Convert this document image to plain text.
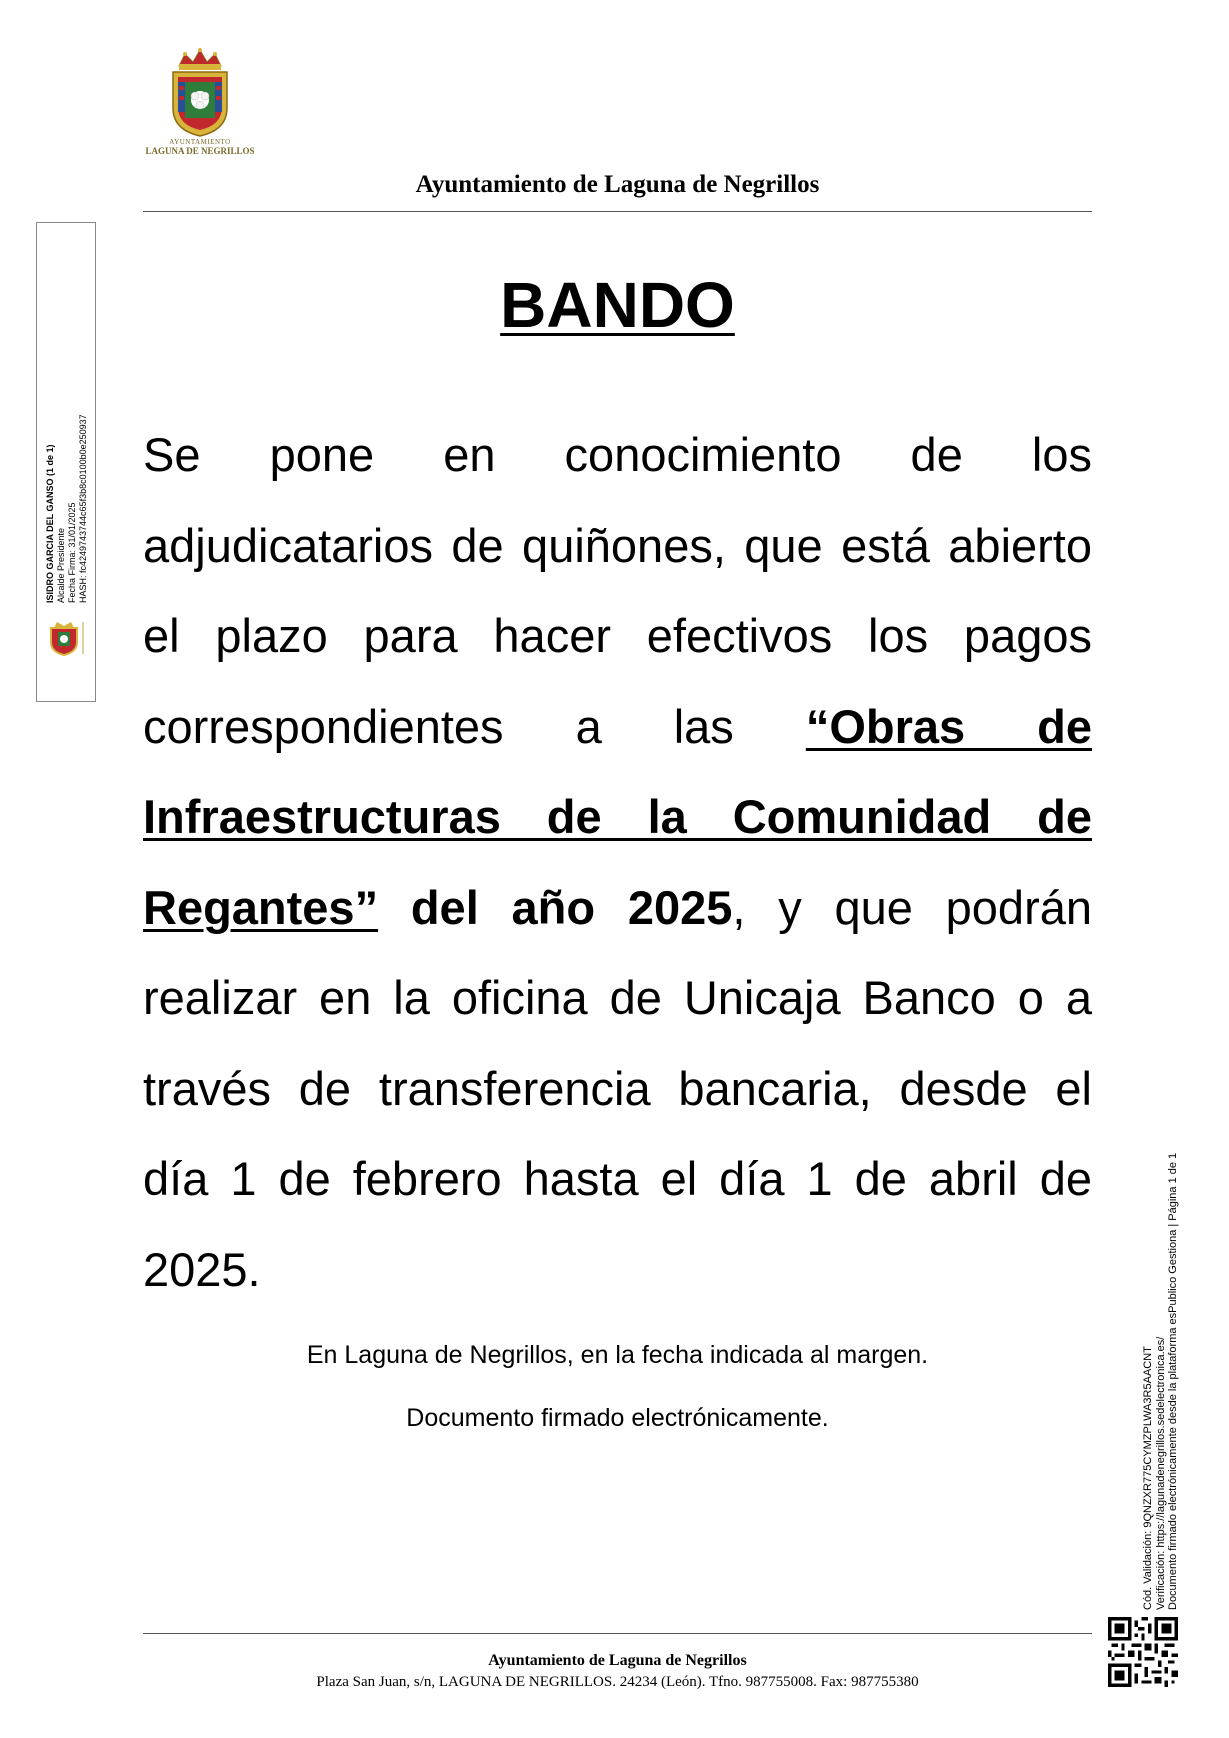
AYUNTAMIENTO
LAGUNA DE NEGRILLOS
Ayuntamiento de Laguna de Negrillos
ISIDRO GARCIA DEL GANSO (1 de 1) Alcalde Presidente Fecha Firma: 31/01/2025 HASH: fc4249743744c65f3b8c0100b0e250937
BANDO

Se pone en conocimiento de los adjudicatarios de quiñones, que está abierto el plazo para hacer efectivos los pagos correspondientes a las “Obras de Infraestructuras de la Comunidad de Regantes” del año 2025, y que podrán realizar en la oficina de Unicaja Banco o a través de transferencia bancaria, desde el día 1 de febrero hasta el día 1 de abril de 2025.

En Laguna de Negrillos, en la fecha indicada al margen.
Documento firmado electrónicamente.	Cód. Validación: 9QNZXR775CYMZPLWA3R5AACNT Verificación: https://lagunadenegrillos.sedelectronica.es/ Documento firmado electrónicamente desde la plataforma esPublico Gestiona | Página 1 de 1
Ayuntamiento de Laguna de Negrillos
Plaza San Juan, s/n, LAGUNA DE NEGRILLOS. 24234 (León). Tfno. 987755008. Fax: 987755380
